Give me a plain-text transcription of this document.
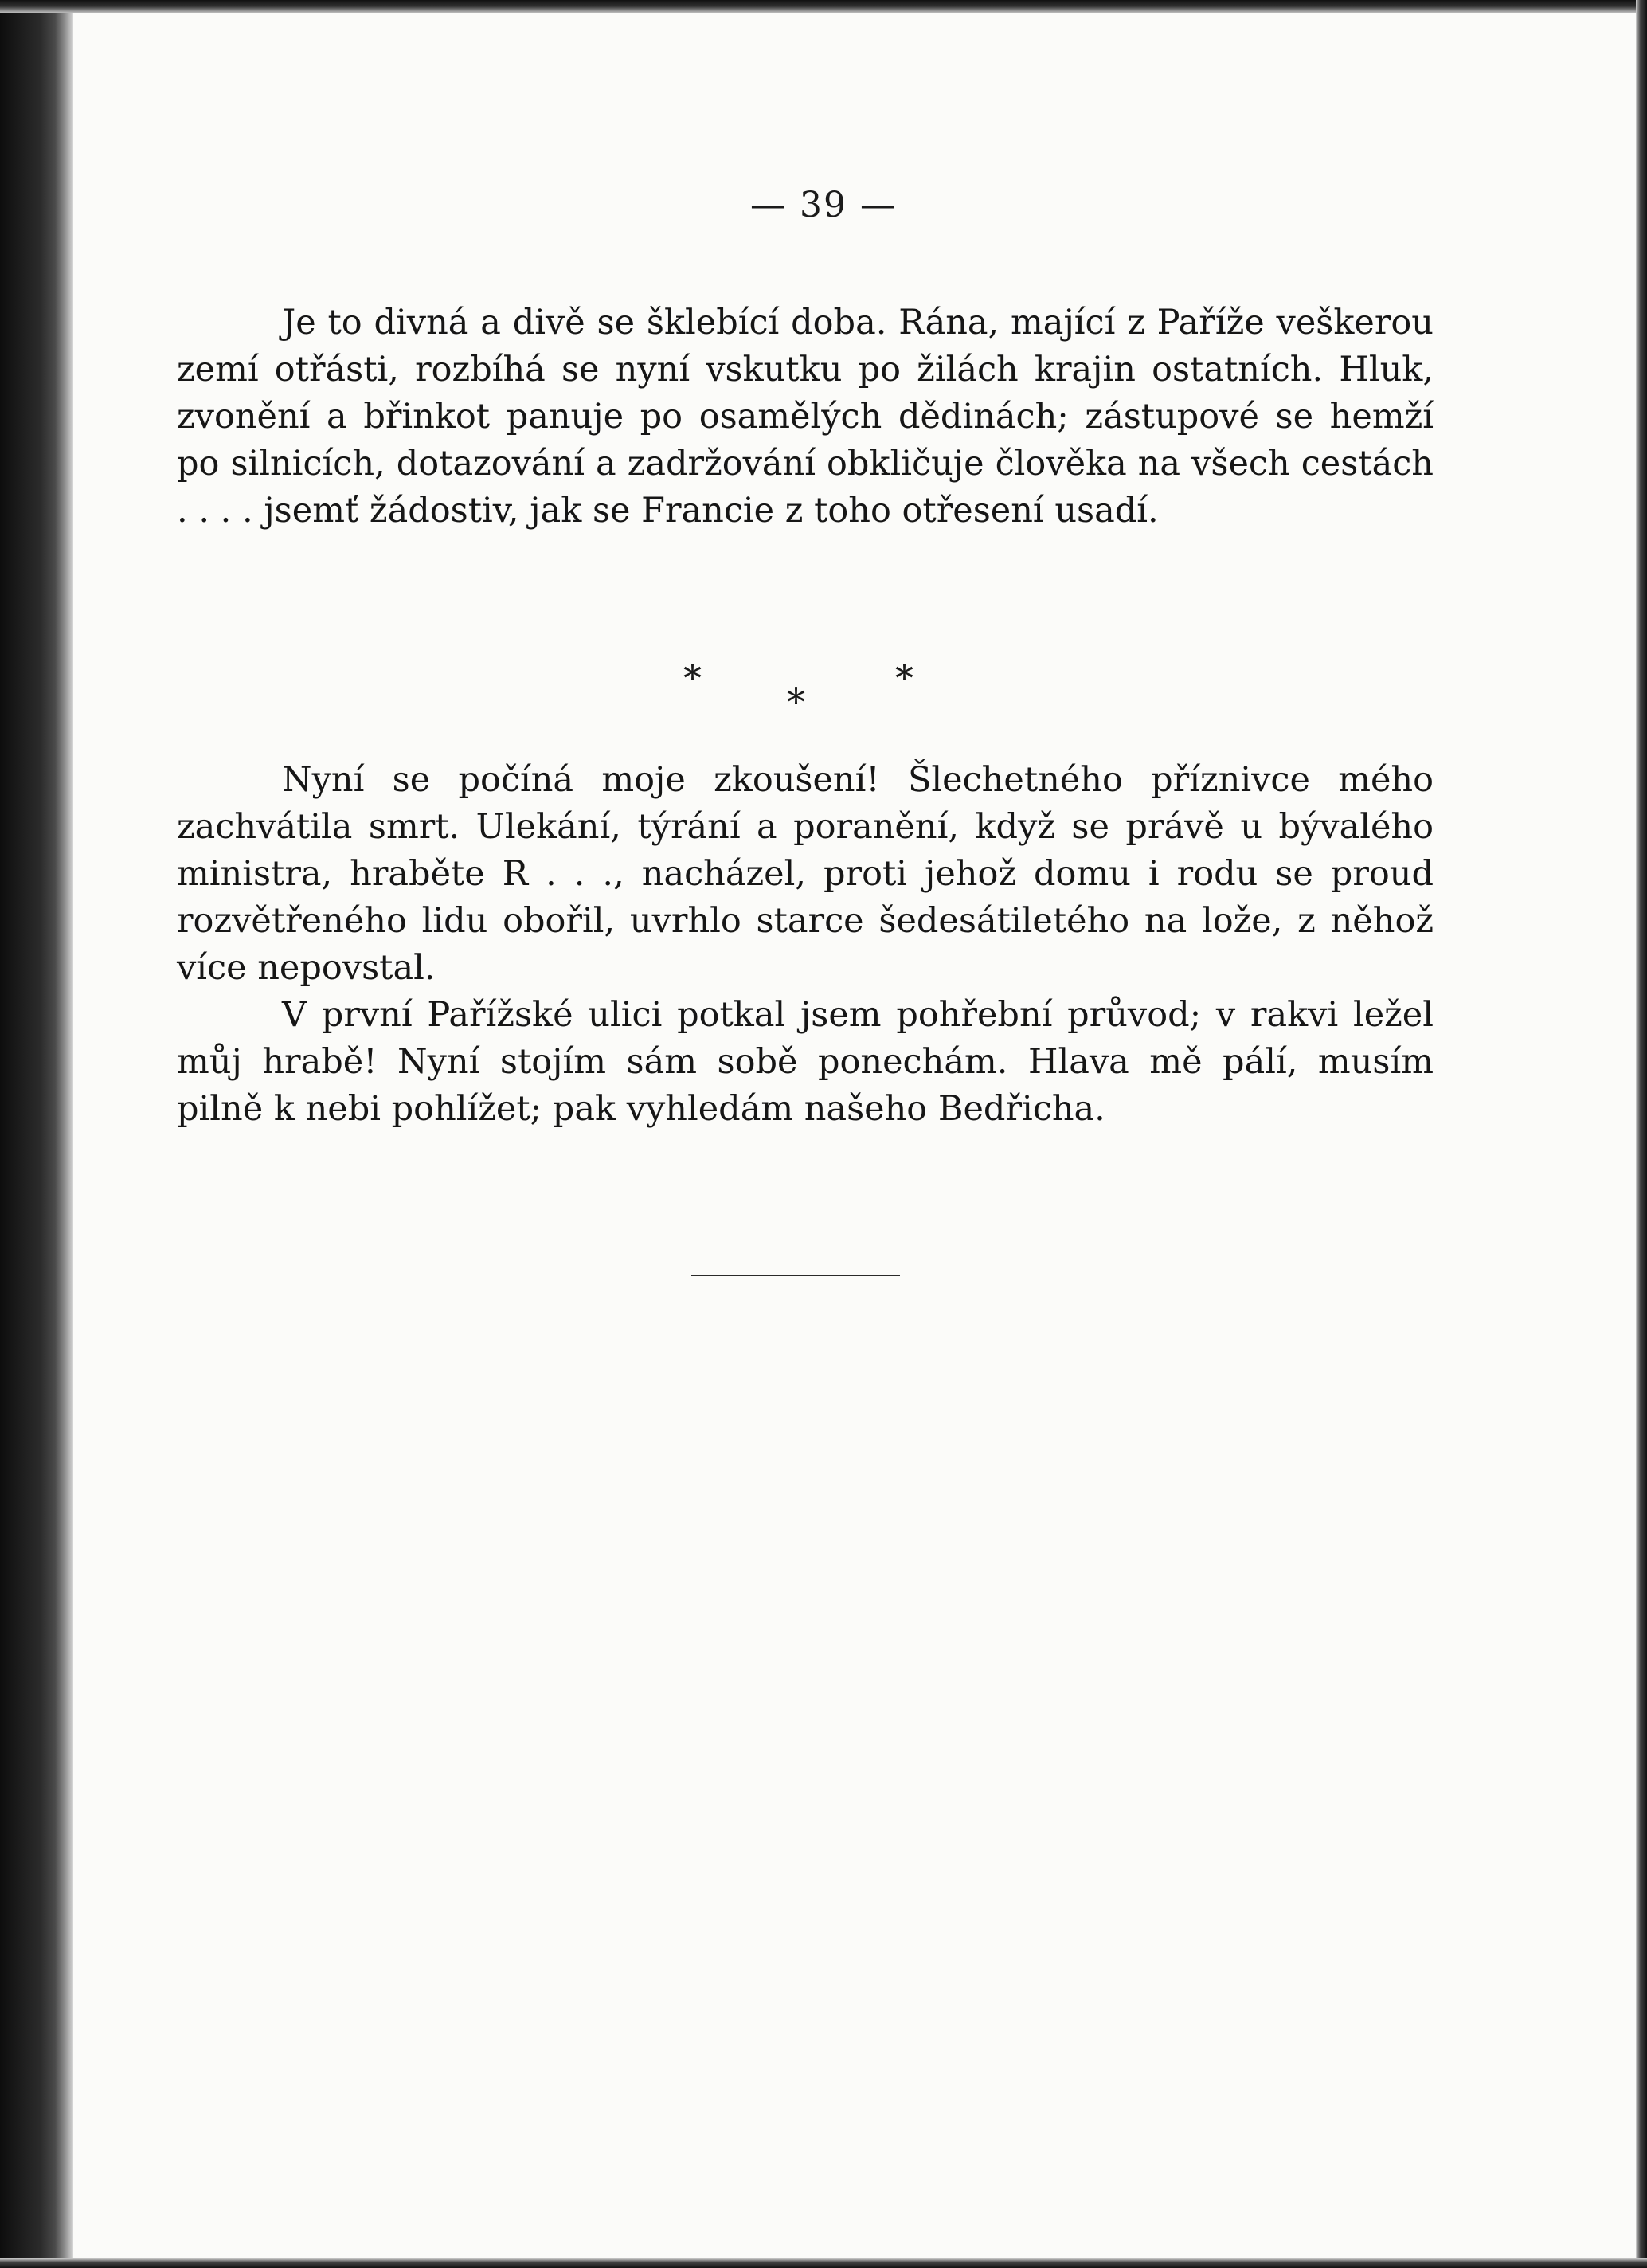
— 39 —

Je to divná a divě se šklebící doba. Rána, mající z Paříže veškerou zemí otřásti, rozbíhá se nyní vskutku po žilách krajin ostatních. Hluk, zvonění a břinkot panuje po osamělých dědinách; zástupové se hemží po silnicích, dotazování a zadržování obkličuje člověka na všech cestách . . . . jsemť žádostiv, jak se Francie z toho otřesení usadí.

*
*
*

Nyní se počíná moje zkoušení! Šlechetného příznivce mého zachvátila smrt. Ulekání, týrání a poranění, když se právě u bývalého ministra, hraběte R . . ., nacházel, proti jehož domu i rodu se proud rozvětřeného lidu obořil, uvrhlo starce šedesátiletého na lože, z něhož více nepovstal.

V první Pařížské ulici potkal jsem pohřební průvod; v rakvi ležel můj hrabě! Nyní stojím sám sobě ponechám. Hlava mě pálí, musím pilně k nebi pohlížet; pak vyhledám našeho Bedřicha.
